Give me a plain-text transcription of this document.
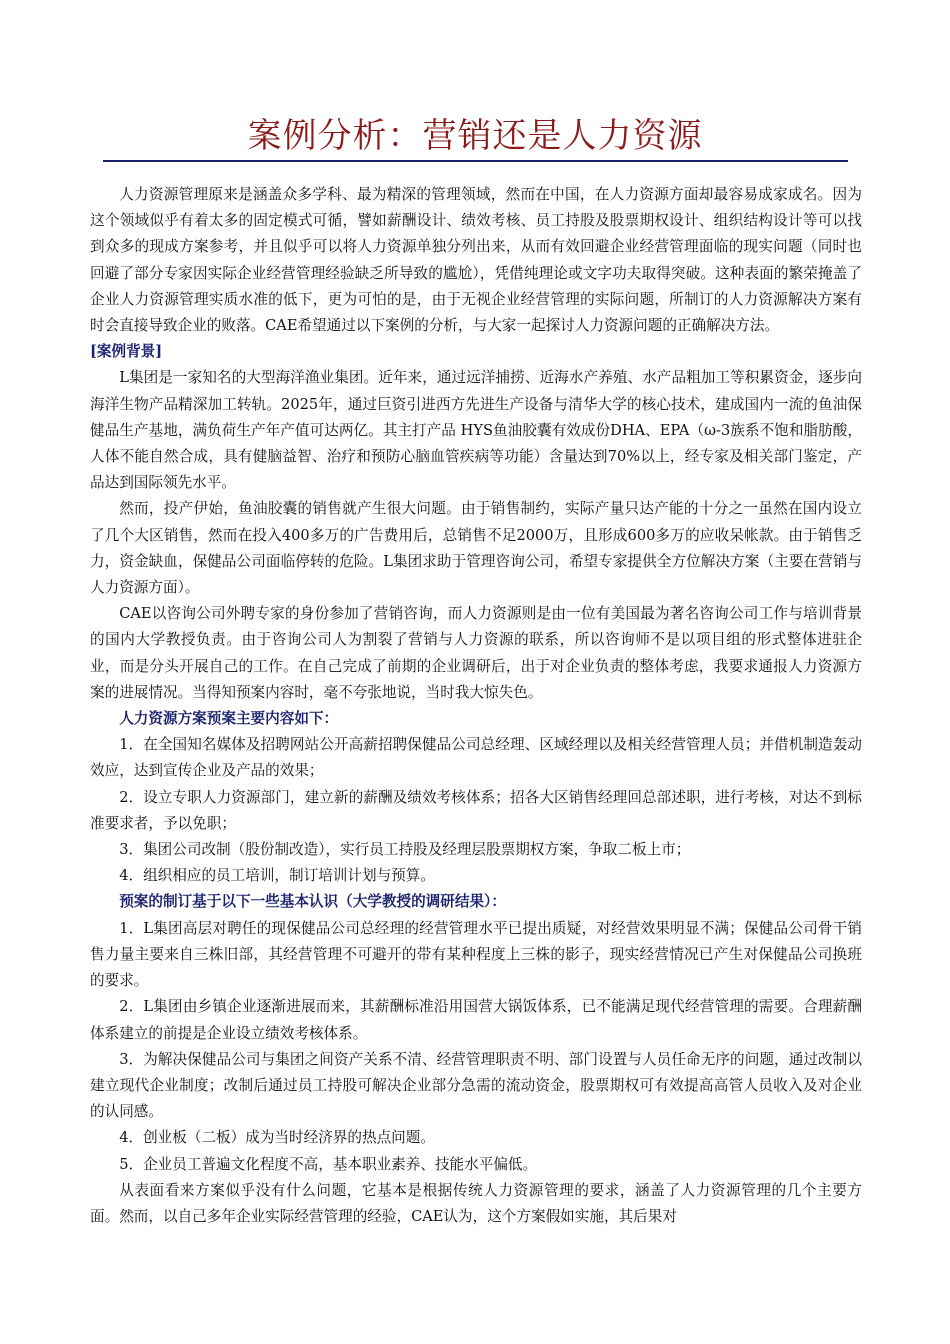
案例分析：营销还是人力资源

人力资源管理原来是涵盖众多学科、最为精深的管理领域，然而在中国，在人力资源方面却最容易成家成名。因为这个领域似乎有着太多的固定模式可循，譬如薪酬设计、绩效考核、员工持股及股票期权设计、组织结构设计等可以找到众多的现成方案参考，并且似乎可以将人力资源单独分列出来，从而有效回避企业经营管理面临的现实问题（同时也回避了部分专家因实际企业经营管理经验缺乏所导致的尴尬），凭借纯理论或文字功夫取得突破。这种表面的繁荣掩盖了企业人力资源管理实质水准的低下，更为可怕的是，由于无视企业经营管理的实际问题，所制订的人力资源解决方案有时会直接导致企业的败落。CAE希望通过以下案例的分析，与大家一起探讨人力资源问题的正确解决方法。

[案例背景]

L集团是一家知名的大型海洋渔业集团。近年来，通过远洋捕捞、近海水产养殖、水产品粗加工等积累资金，逐步向海洋生物产品精深加工转轨。2025年，通过巨资引进西方先进生产设备与清华大学的核心技术，建成国内一流的鱼油保健品生产基地，满负荷生产年产值可达两亿。其主打产品 HYS鱼油胶囊有效成份DHA、EPA（ω-3族系不饱和脂肪酸，人体不能自然合成，具有健脑益智、治疗和预防心脑血管疾病等功能）含量达到70%以上，经专家及相关部门鉴定，产品达到国际领先水平。

然而，投产伊始，鱼油胶囊的销售就产生很大问题。由于销售制约，实际产量只达产能的十分之一虽然在国内设立了几个大区销售，然而在投入400多万的广告费用后，总销售不足2000万，且形成600多万的应收呆帐款。由于销售乏力，资金缺血，保健品公司面临停转的危险。L集团求助于管理咨询公司，希望专家提供全方位解决方案（主要在营销与人力资源方面）。

CAE以咨询公司外聘专家的身份参加了营销咨询，而人力资源则是由一位有美国最为著名咨询公司工作与培训背景的国内大学教授负责。由于咨询公司人为割裂了营销与人力资源的联系，所以咨询师不是以项目组的形式整体进驻企业，而是分头开展自己的工作。在自己完成了前期的企业调研后，出于对企业负责的整体考虑，我要求通报人力资源方案的进展情况。当得知预案内容时，毫不夸张地说，当时我大惊失色。

人力资源方案预案主要内容如下：

1．在全国知名媒体及招聘网站公开高薪招聘保健品公司总经理、区域经理以及相关经营管理人员；并借机制造轰动效应，达到宣传企业及产品的效果；

2．设立专职人力资源部门，建立新的薪酬及绩效考核体系；招各大区销售经理回总部述职，进行考核，对达不到标准要求者，予以免职；

3．集团公司改制（股份制改造），实行员工持股及经理层股票期权方案，争取二板上市；

4．组织相应的员工培训，制订培训计划与预算。

预案的制订基于以下一些基本认识（大学教授的调研结果）：

1．L集团高层对聘任的现保健品公司总经理的经营管理水平已提出质疑，对经营效果明显不满；保健品公司骨干销售力量主要来自三株旧部，其经营管理不可避开的带有某种程度上三株的影子，现实经营情况已产生对保健品公司换班的要求。

2．L集团由乡镇企业逐渐进展而来，其薪酬标准沿用国营大锅饭体系，已不能满足现代经营管理的需要。合理薪酬体系建立的前提是企业设立绩效考核体系。

3．为解决保健品公司与集团之间资产关系不清、经营管理职责不明、部门设置与人员任命无序的问题，通过改制以建立现代企业制度；改制后通过员工持股可解决企业部分急需的流动资金，股票期权可有效提高高管人员收入及对企业的认同感。

4．创业板（二板）成为当时经济界的热点问题。

5．企业员工普遍文化程度不高，基本职业素养、技能水平偏低。

从表面看来方案似乎没有什么问题，它基本是根据传统人力资源管理的要求，涵盖了人力资源管理的几个主要方面。然而，以自己多年企业实际经营管理的经验，CAE认为，这个方案假如实施，其后果对
